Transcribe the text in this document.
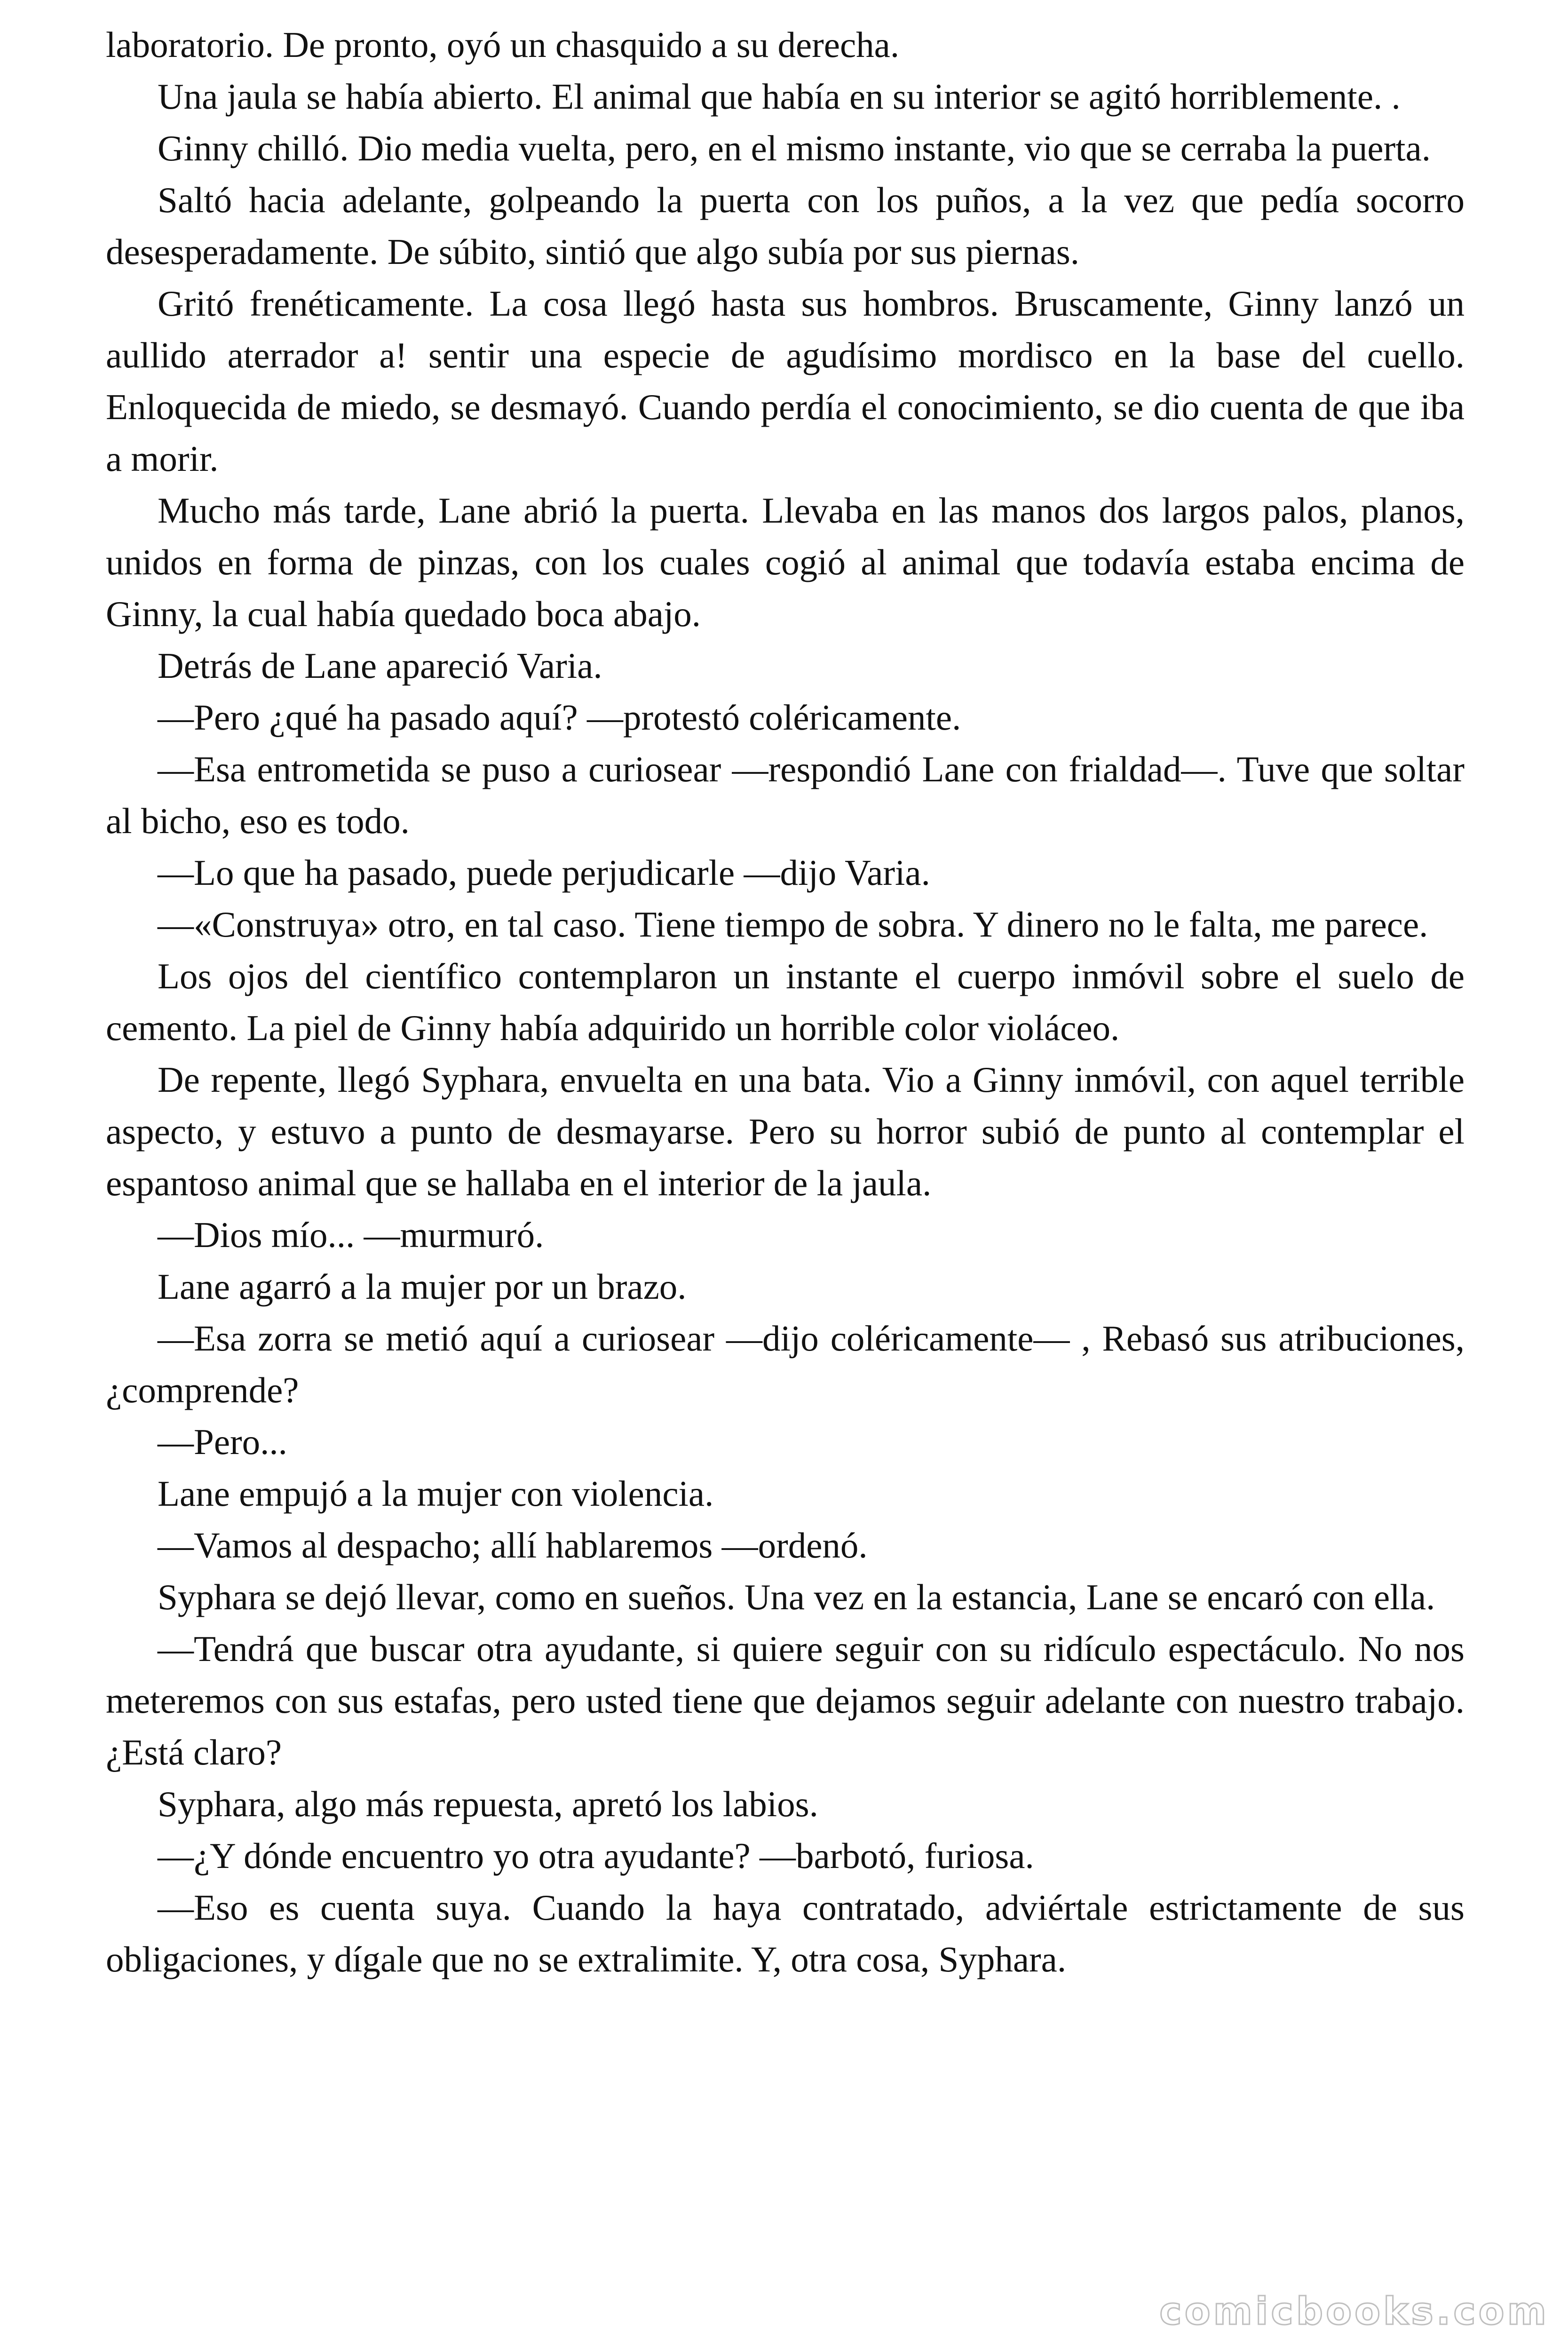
laboratorio. De pronto, oyó un chasquido a su derecha.

Una jaula se había abierto. El animal que había en su interior se agitó horriblemente. .

Ginny chilló. Dio media vuelta, pero, en el mismo instante, vio que se cerraba la puerta.

Saltó hacia adelante, golpeando la puerta con los puños, a la vez que pedía socorro desesperadamente. De súbito, sintió que algo subía por sus piernas.

Gritó frenéticamente. La cosa llegó hasta sus hombros. Bruscamente, Ginny lanzó un aullido aterrador a! sentir una especie de agudísimo mordisco en la base del cuello. Enloquecida de miedo, se desmayó. Cuando perdía el conocimiento, se dio cuenta de que iba a morir.

Mucho más tarde, Lane abrió la puerta. Llevaba en las manos dos largos palos, planos, unidos en forma de pinzas, con los cuales cogió al animal que todavía estaba encima de Ginny, la cual había quedado boca abajo.

Detrás de Lane apareció Varia.

—Pero ¿qué ha pasado aquí? —protestó coléricamente.

—Esa entrometida se puso a curiosear —respondió Lane con frialdad—. Tuve que soltar al bicho, eso es todo.

—Lo que ha pasado, puede perjudicarle —dijo Varia.

—«Construya» otro, en tal caso. Tiene tiempo de sobra. Y dinero no le falta, me parece.

Los ojos del científico contemplaron un instante el cuerpo inmóvil sobre el suelo de cemento. La piel de Ginny había adquirido un horrible color violáceo.

De repente, llegó Syphara, envuelta en una bata. Vio a Ginny inmóvil, con aquel terrible aspecto, y estuvo a punto de desmayarse. Pero su horror subió de punto al contemplar el espantoso animal que se hallaba en el interior de la jaula.

—Dios mío... —murmuró.

Lane agarró a la mujer por un brazo.

—Esa zorra se metió aquí a curiosear —dijo coléricamente— , Rebasó sus atribuciones, ¿comprende?

—Pero...

Lane empujó a la mujer con violencia.

—Vamos al despacho; allí hablaremos —ordenó.

Syphara se dejó llevar, como en sueños. Una vez en la estancia, Lane se encaró con ella.

—Tendrá que buscar otra ayudante, si quiere seguir con su ridículo espectáculo. No nos meteremos con sus estafas, pero usted tiene que dejamos seguir adelante con nuestro trabajo. ¿Está claro?

Syphara, algo más repuesta, apretó los labios.

—¿Y dónde encuentro yo otra ayudante? —barbotó, furiosa.

—Eso es cuenta suya. Cuando la haya contratado, adviértale estrictamente de sus obligaciones, y dígale que no se extralimite. Y, otra cosa, Syphara.

comicbooks.com
